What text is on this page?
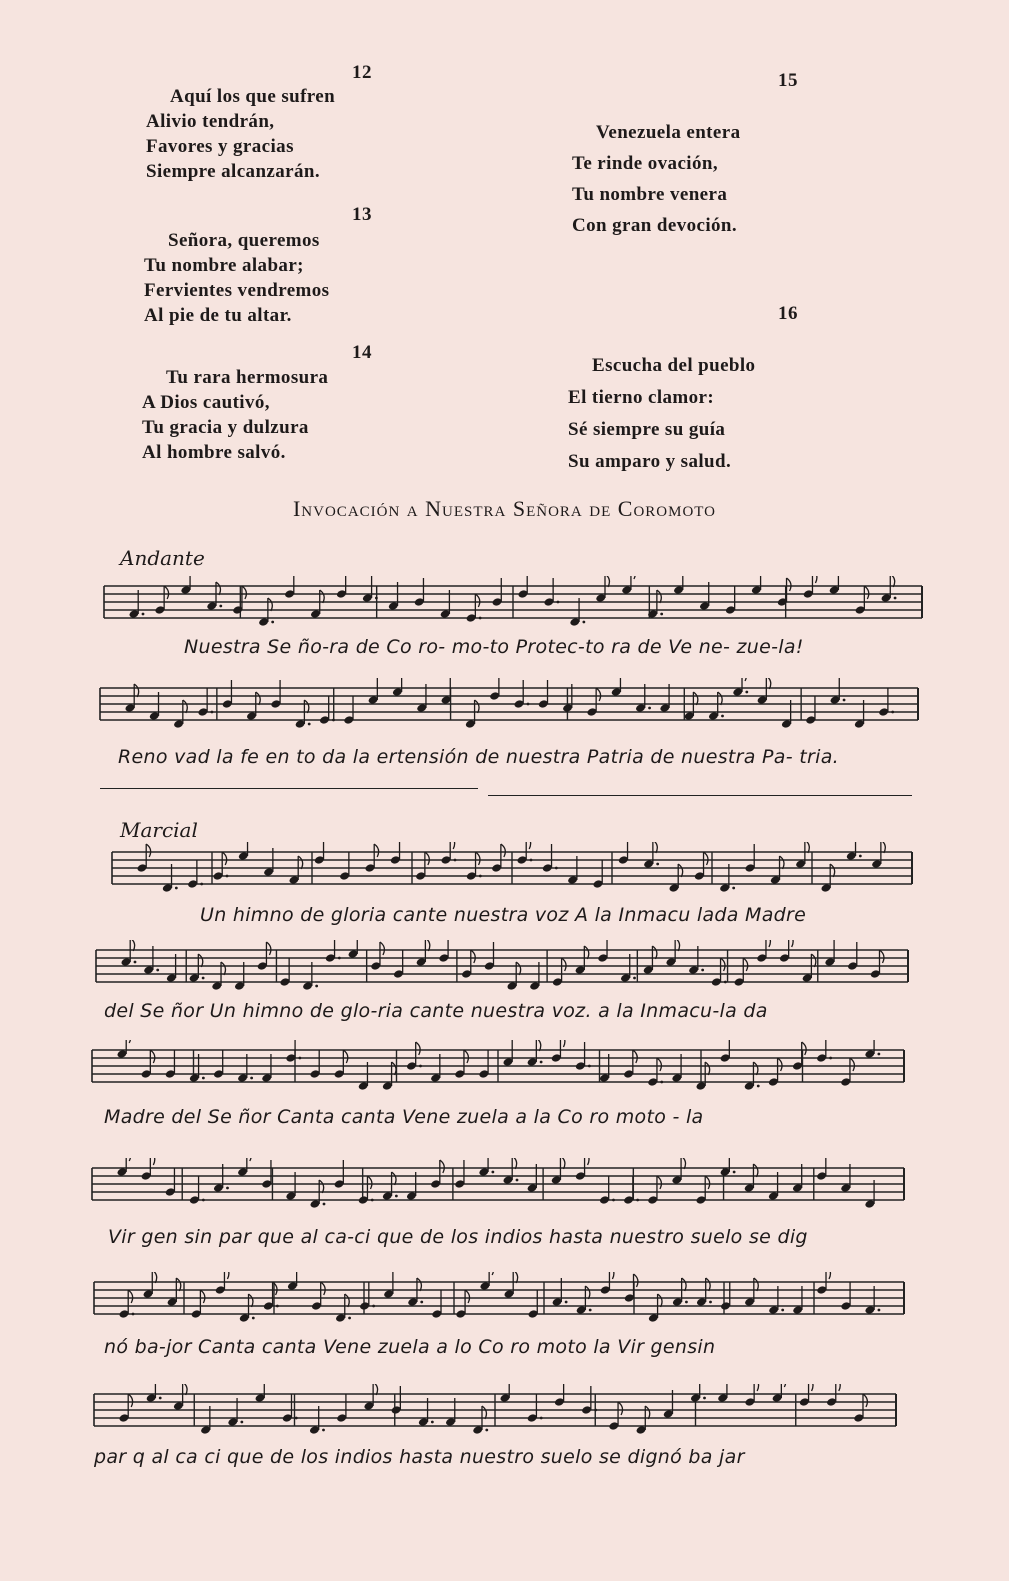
12
Aquí los que sufren
Alivio tendrán,
Favores y gracias
Siempre alcanzarán.
13
Señora, queremos
Tu nombre alabar;
Fervientes vendremos
Al pie de tu altar.
14
Tu rara hermosura
A Dios cautivó,
Tu gracia y dulzura
Al hombre salvó.
15
Venezuela entera
Te rinde ovación,
Tu nombre venera
Con gran devoción.
16
Escucha del pueblo
El tierno clamor:
Sé siempre su guía
Su amparo y salud.
Invocación a Nuestra Señora de Coromoto
Andante
Nuestra Se ño-ra de Co ro- mo-to Protec-to ra de Ve ne- zue-la!
Reno vad la fe en to da la ertensión de nuestra Patria de nuestra Pa- tria.
Marcial
Un himno de gloria cante nuestra voz A la Inmacu lada Madre
del Se ñor Un himno de glo-ria cante nuestra voz. a la Inmacu-la da
Madre del Se ñor Canta canta Vene zuela a la Co ro moto - la
Vir gen sin par que al ca-ci que de los indios hasta nuestro suelo se dig
nó ba-jor Canta canta Vene zuela a lo Co ro moto la Vir gensin
par q al ca ci que de los indios hasta nuestro suelo se dignó ba jar
